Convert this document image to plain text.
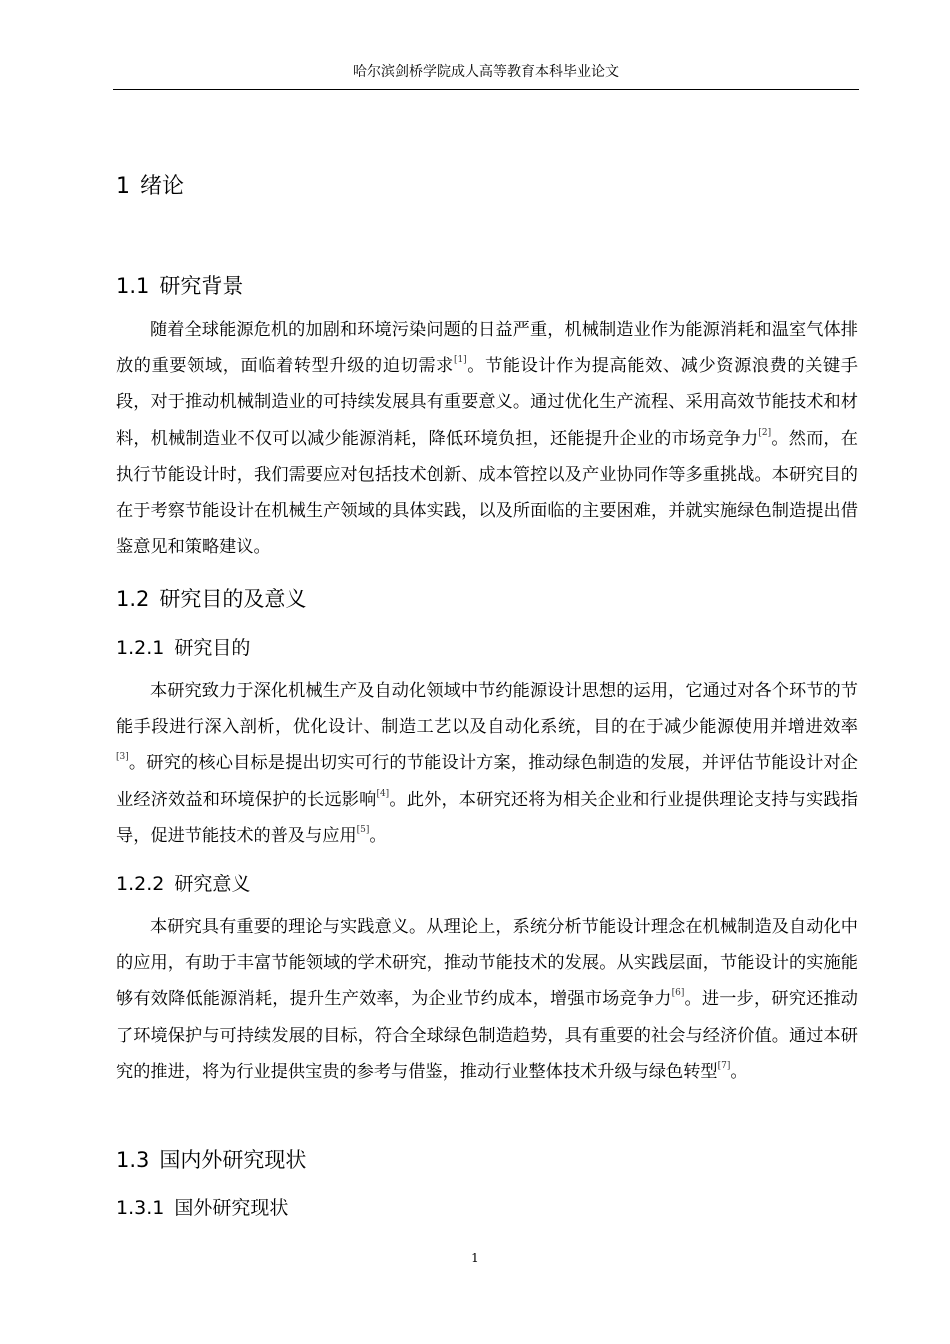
哈尔滨剑桥学院成人高等教育本科毕业论文
1 绪论
1.1 研究背景

随着全球能源危机的加剧和环境污染问题的日益严重，机械制造业作为能源消耗和温室气体排放的重要领域，面临着转型升级的迫切需求[1]。节能设计作为提高能效、减少资源浪费的关键手段，对于推动机械制造业的可持续发展具有重要意义。通过优化生产流程、采用高效节能技术和材料，机械制造业不仅可以减少能源消耗，降低环境负担，还能提升企业的市场竞争力[2]。然而，在执行节能设计时，我们需要应对包括技术创新、成本管控以及产业协同作等多重挑战。本研究目的在于考察节能设计在机械生产领域的具体实践，以及所面临的主要困难，并就实施绿色制造提出借鉴意见和策略建议。

1.2 研究目的及意义
1.2.1 研究目的

本研究致力于深化机械生产及自动化领域中节约能源设计思想的运用，它通过对各个环节的节能手段进行深入剖析，优化设计、制造工艺以及自动化系统，目的在于减少能源使用并增进效率[3]。研究的核心目标是提出切实可行的节能设计方案，推动绿色制造的发展，并评估节能设计对企业经济效益和环境保护的长远影响[4]。此外，本研究还将为相关企业和行业提供理论支持与实践指导，促进节能技术的普及与应用[5]。

1.2.2 研究意义

本研究具有重要的理论与实践意义。从理论上，系统分析节能设计理念在机械制造及自动化中的应用，有助于丰富节能领域的学术研究，推动节能技术的发展。从实践层面，节能设计的实施能够有效降低能源消耗，提升生产效率，为企业节约成本，增强市场竞争力[6]。进一步，研究还推动了环境保护与可持续发展的目标，符合全球绿色制造趋势，具有重要的社会与经济价值。通过本研究的推进，将为行业提供宝贵的参考与借鉴，推动行业整体技术升级与绿色转型[7]。

1.3 国内外研究现状
1.3.1 国外研究现状
1
